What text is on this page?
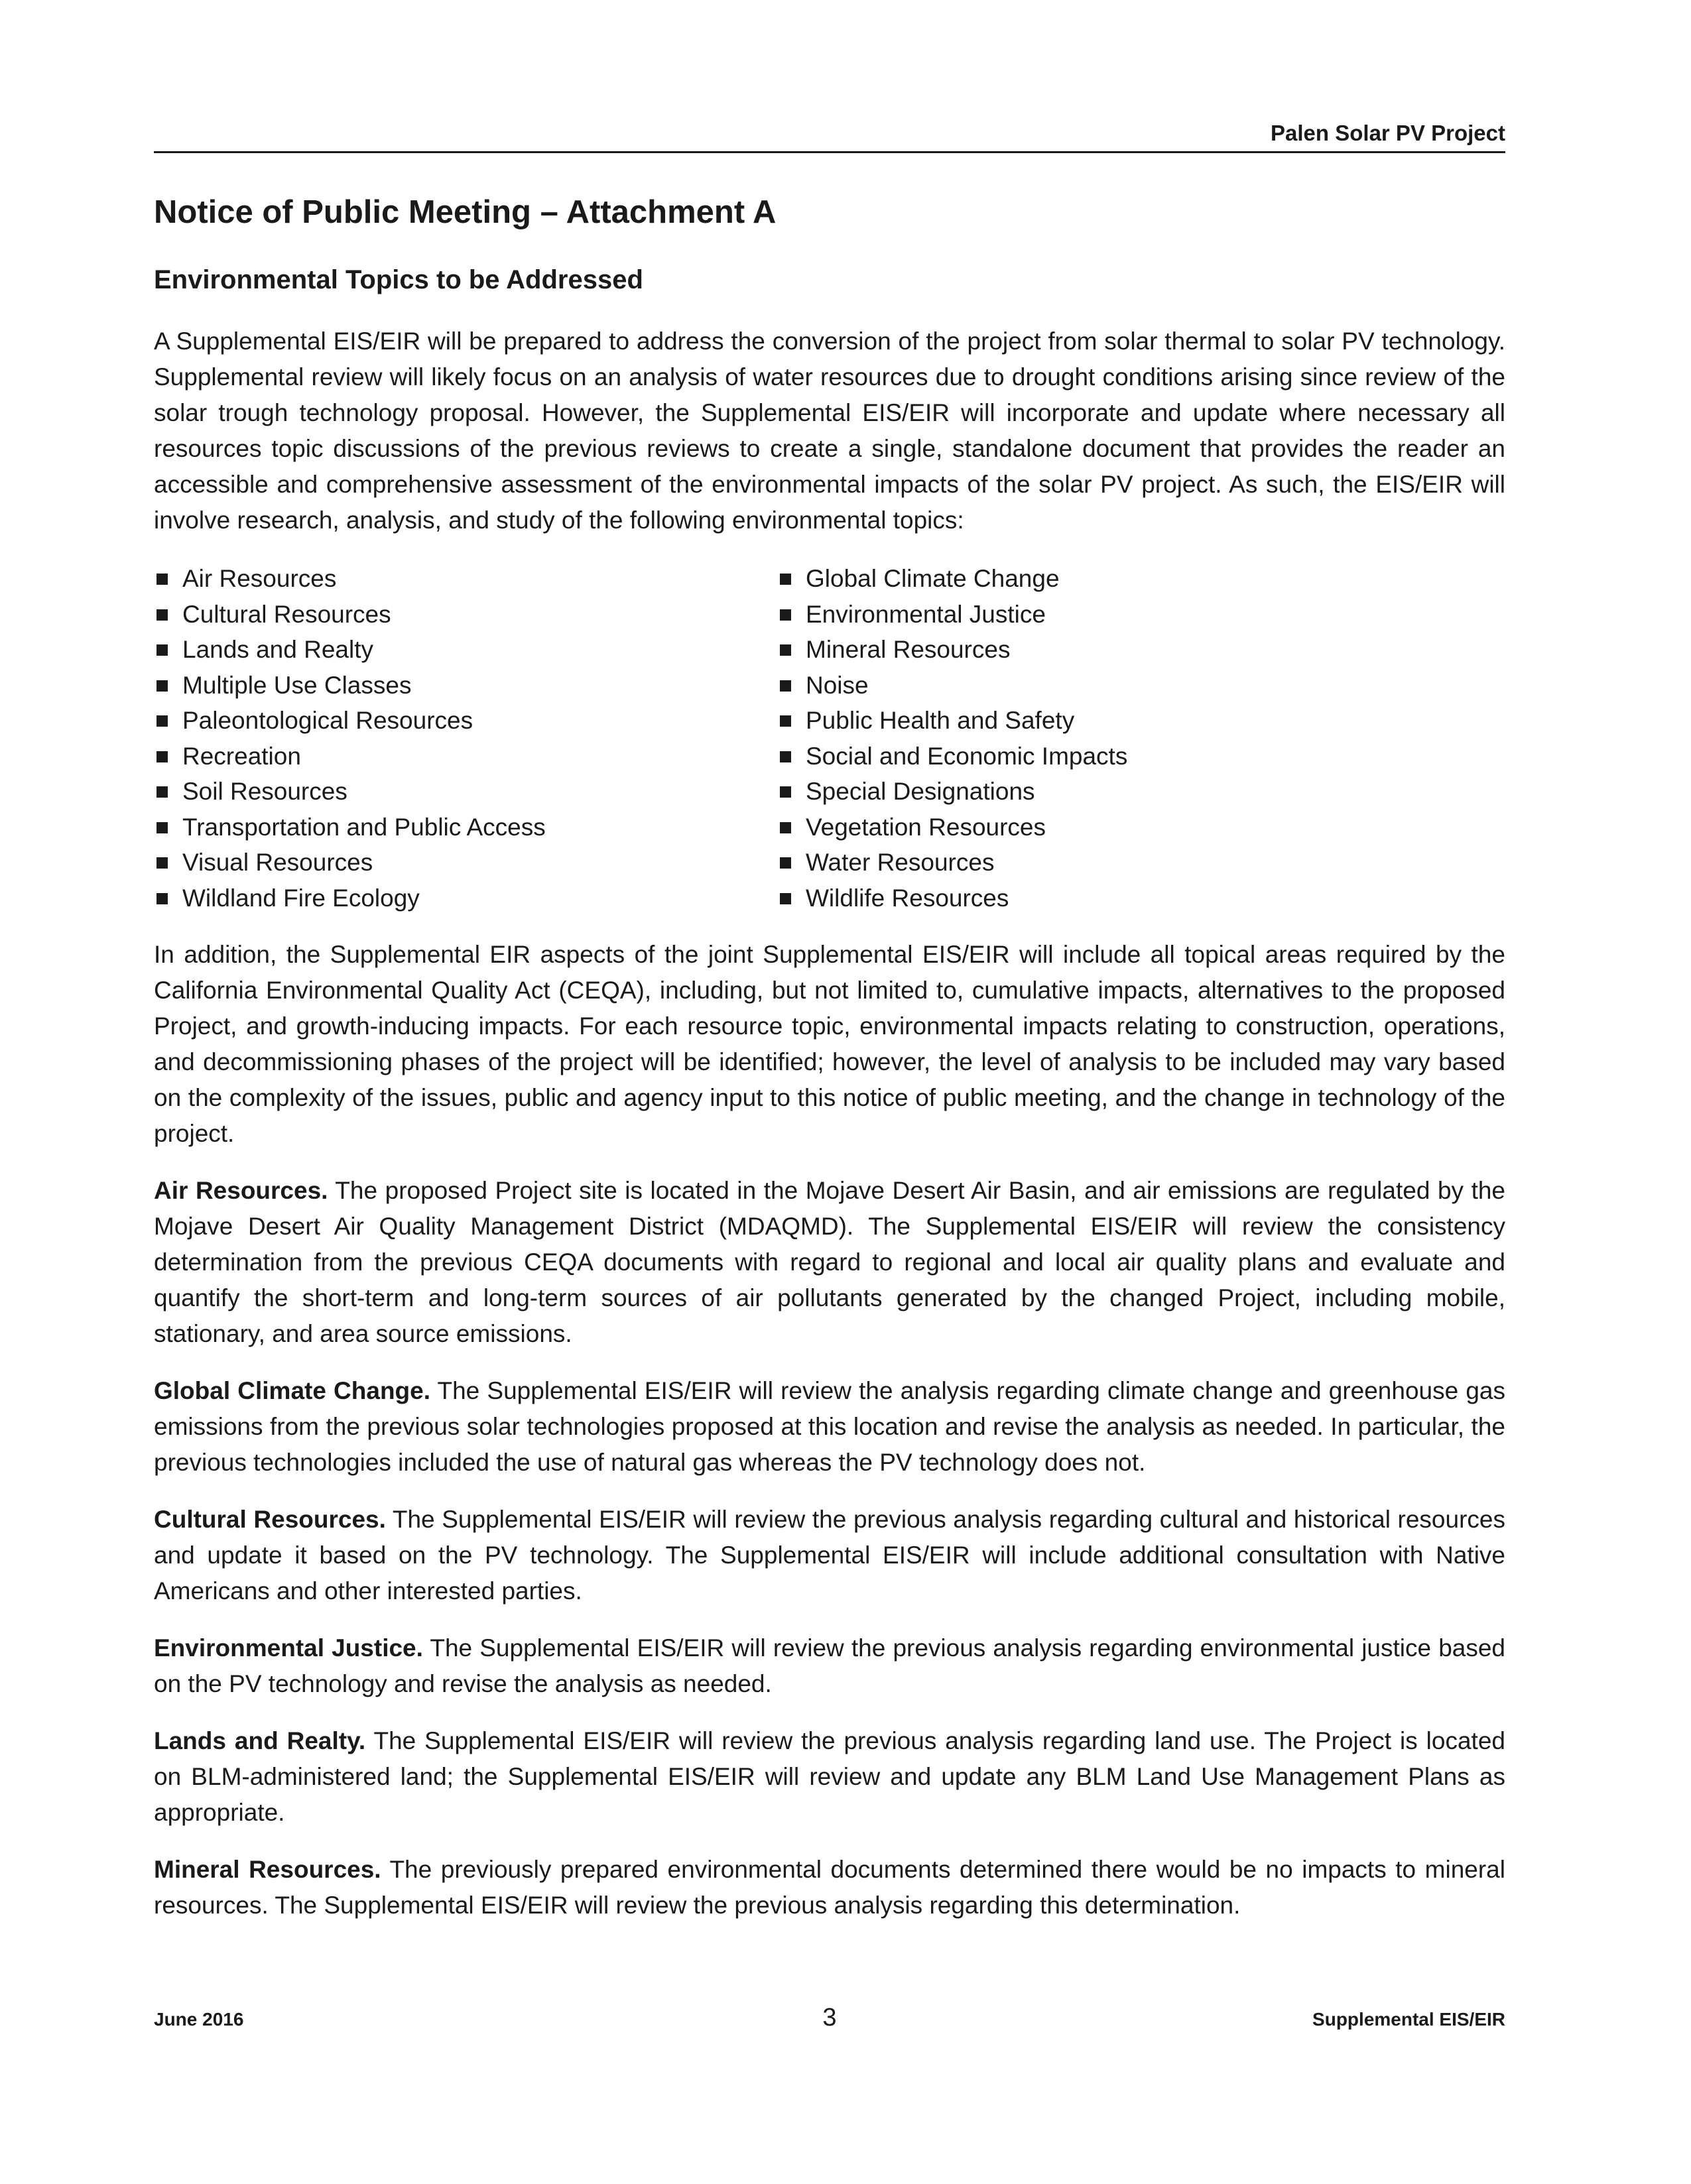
Palen Solar PV Project
Notice of Public Meeting – Attachment A
Environmental Topics to be Addressed

A Supplemental EIS/EIR will be prepared to address the conversion of the project from solar thermal to solar PV technology. Supplemental review will likely focus on an analysis of water resources due to drought conditions arising since review of the solar trough technology proposal. However, the Supplemental EIS/EIR will incorporate and update where necessary all resources topic discussions of the previous reviews to create a single, standalone document that provides the reader an accessible and comprehensive assessment of the environmental impacts of the solar PV project. As such, the EIS/EIR will involve research, analysis, and study of the following environmental topics:

Air Resources
Cultural Resources
Lands and Realty
Multiple Use Classes
Paleontological Resources
Recreation
Soil Resources
Transportation and Public Access
Visual Resources
Wildland Fire Ecology
Global Climate Change
Environmental Justice
Mineral Resources
Noise
Public Health and Safety
Social and Economic Impacts
Special Designations
Vegetation Resources
Water Resources
Wildlife Resources

In addition, the Supplemental EIR aspects of the joint Supplemental EIS/EIR will include all topical areas required by the California Environmental Quality Act (CEQA), including, but not limited to, cumulative impacts, alternatives to the proposed Project, and growth-inducing impacts. For each resource topic, environmental impacts relating to construction, operations, and decommissioning phases of the project will be identified; however, the level of analysis to be included may vary based on the complexity of the issues, public and agency input to this notice of public meeting, and the change in technology of the project.

Air Resources. The proposed Project site is located in the Mojave Desert Air Basin, and air emissions are regulated by the Mojave Desert Air Quality Management District (MDAQMD). The Supplemental EIS/EIR will review the consistency determination from the previous CEQA documents with regard to regional and local air quality plans and evaluate and quantify the short-term and long-term sources of air pollutants generated by the changed Project, including mobile, stationary, and area source emissions.

Global Climate Change. The Supplemental EIS/EIR will review the analysis regarding climate change and greenhouse gas emissions from the previous solar technologies proposed at this location and revise the analysis as needed. In particular, the previous technologies included the use of natural gas whereas the PV technology does not.

Cultural Resources. The Supplemental EIS/EIR will review the previous analysis regarding cultural and historical resources and update it based on the PV technology. The Supplemental EIS/EIR will include additional consultation with Native Americans and other interested parties.

Environmental Justice. The Supplemental EIS/EIR will review the previous analysis regarding environmental justice based on the PV technology and revise the analysis as needed.

Lands and Realty. The Supplemental EIS/EIR will review the previous analysis regarding land use. The Project is located on BLM-administered land; the Supplemental EIS/EIR will review and update any BLM Land Use Management Plans as appropriate.

Mineral Resources. The previously prepared environmental documents determined there would be no impacts to mineral resources. The Supplemental EIS/EIR will review the previous analysis regarding this determination.

June 2016	3	Supplemental EIS/EIR
